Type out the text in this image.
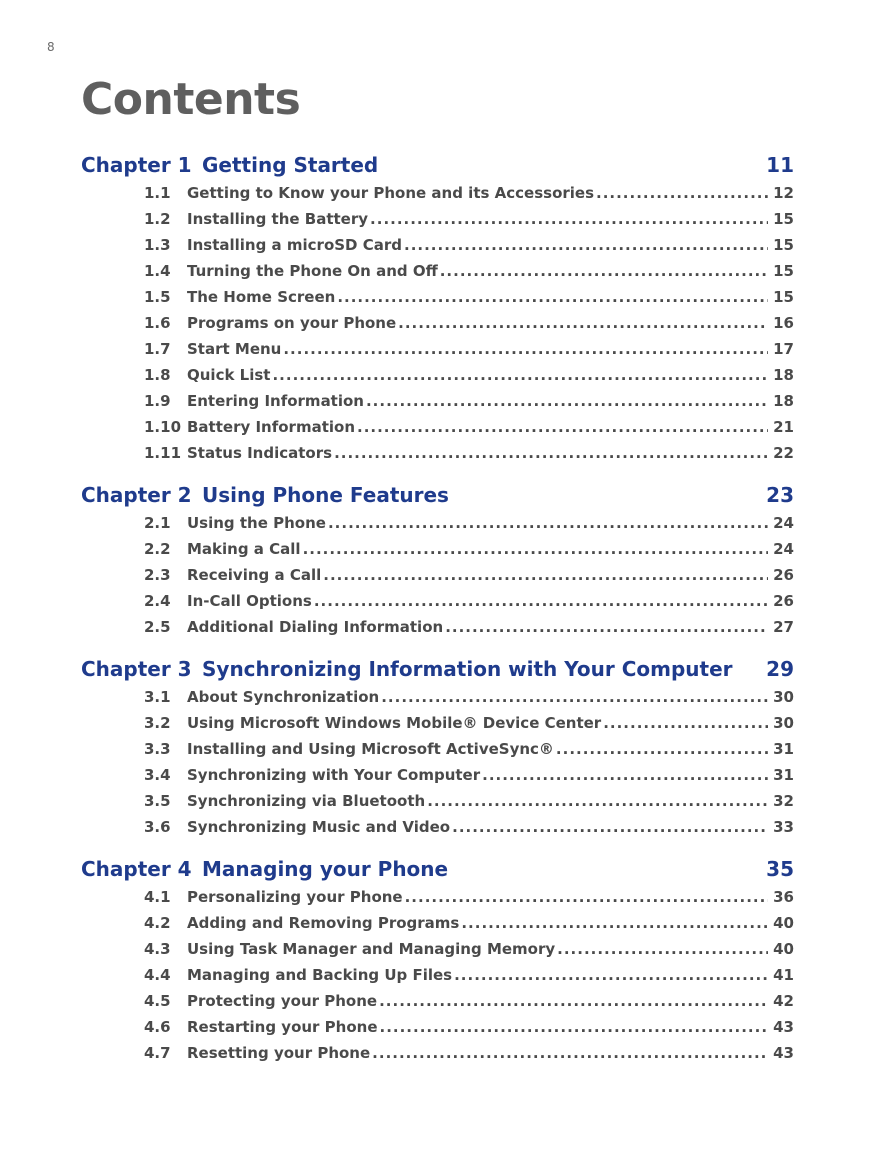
8
Contents
Chapter 1 Getting Started	11
1.1	Getting to Know your Phone and its Accessories .....	12
1.2	Installing the Battery .....	15
1.3	Installing a microSD Card .....	15
1.4	Turning the Phone On and Off .....	15
1.5	The Home Screen .....	15
1.6	Programs on your Phone .....	16
1.7	Start Menu .....	17
1.8	Quick List .....	18
1.9	Entering Information .....	18
1.10 Battery Information .....	21
1.11 Status Indicators .....	22
Chapter 2 Using Phone Features	23
2.1	Using the Phone .....	24
2.2	Making a Call .....	24
2.3	Receiving a Call .....	26
2.4	In-Call Options .....	26
2.5	Additional Dialing Information .....	27
Chapter 3 Synchronizing Information with Your Computer	29
3.1	About Synchronization .....	30
3.2	Using Microsoft Windows Mobile® Device Center .....	30
3.3	Installing and Using Microsoft ActiveSync® .....	31
3.4	Synchronizing with Your Computer .....	31
3.5	Synchronizing via Bluetooth .....	32
3.6	Synchronizing Music and Video .....	33
Chapter 4 Managing your Phone	35
4.1	Personalizing your Phone .....	36
4.2	Adding and Removing Programs .....	40
4.3	Using Task Manager and Managing Memory .....	40
4.4	Managing and Backing Up Files .....	41
4.5	Protecting your Phone .....	42
4.6	Restarting your Phone .....	43
4.7	Resetting your Phone .....	43
